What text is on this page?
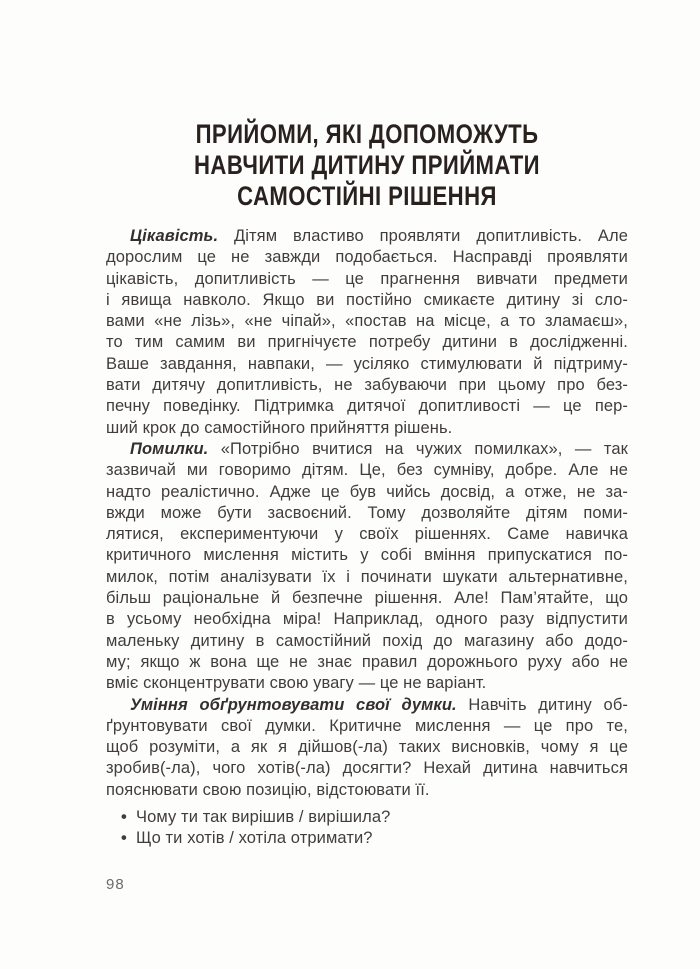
ПРИЙОМИ, ЯКІ ДОПОМОЖУТЬ
НАВЧИТИ ДИТИНУ ПРИЙМАТИ
САМОСТІЙНІ РІШЕННЯ
Цікавість. Дітям властиво проявляти допитливість. Але
дорослим це не завжди подобається. Насправді проявляти
цікавість, допитливість — це прагнення вивчати предмети
і явища навколо. Якщо ви постійно смикаєте дитину зі сло-
вами «не лізь», «не чіпай», «постав на місце, а то зламаєш»,
то тим самим ви пригнічуєте потребу дитини в дослідженні.
Ваше завдання, навпаки, — усіляко стимулювати й підтриму-
вати дитячу допитливість, не забуваючи при цьому про без-
печну поведінку. Підтримка дитячої допитливості — це пер-
ший крок до самостійного прийняття рішень.
Помилки. «Потрібно вчитися на чужих помилках», — так
зазвичай ми говоримо дітям. Це, без сумніву, добре. Але не
надто реалістично. Адже це був чийсь досвід, а отже, не за-
вжди може бути засвоєний. Тому дозволяйте дітям поми-
лятися, експериментуючи у своїх рішеннях. Саме навичка
критичного мислення містить у собі вміння припускатися по-
милок, потім аналізувати їх і починати шукати альтернативне,
більш раціональне й безпечне рішення. Але! Пам’ятайте, що
в усьому необхідна міра! Наприклад, одного разу відпустити
маленьку дитину в самостійний похід до магазину або додо-
му; якщо ж вона ще не знає правил дорожнього руху або не
вміє сконцентрувати свою увагу — це не варіант.
Уміння обґрунтовувати свої думки. Навчіть дитину об-
ґрунтовувати свої думки. Критичне мислення — це про те,
щоб розуміти, а як я дійшов(-ла) таких висновків, чому я це
зробив(-ла), чого хотів(-ла) досягти? Нехай дитина навчиться
пояснювати свою позицію, відстоювати її.
• Чому ти так вирішив / вирішила?
• Що ти хотів / хотіла отримати?
98
